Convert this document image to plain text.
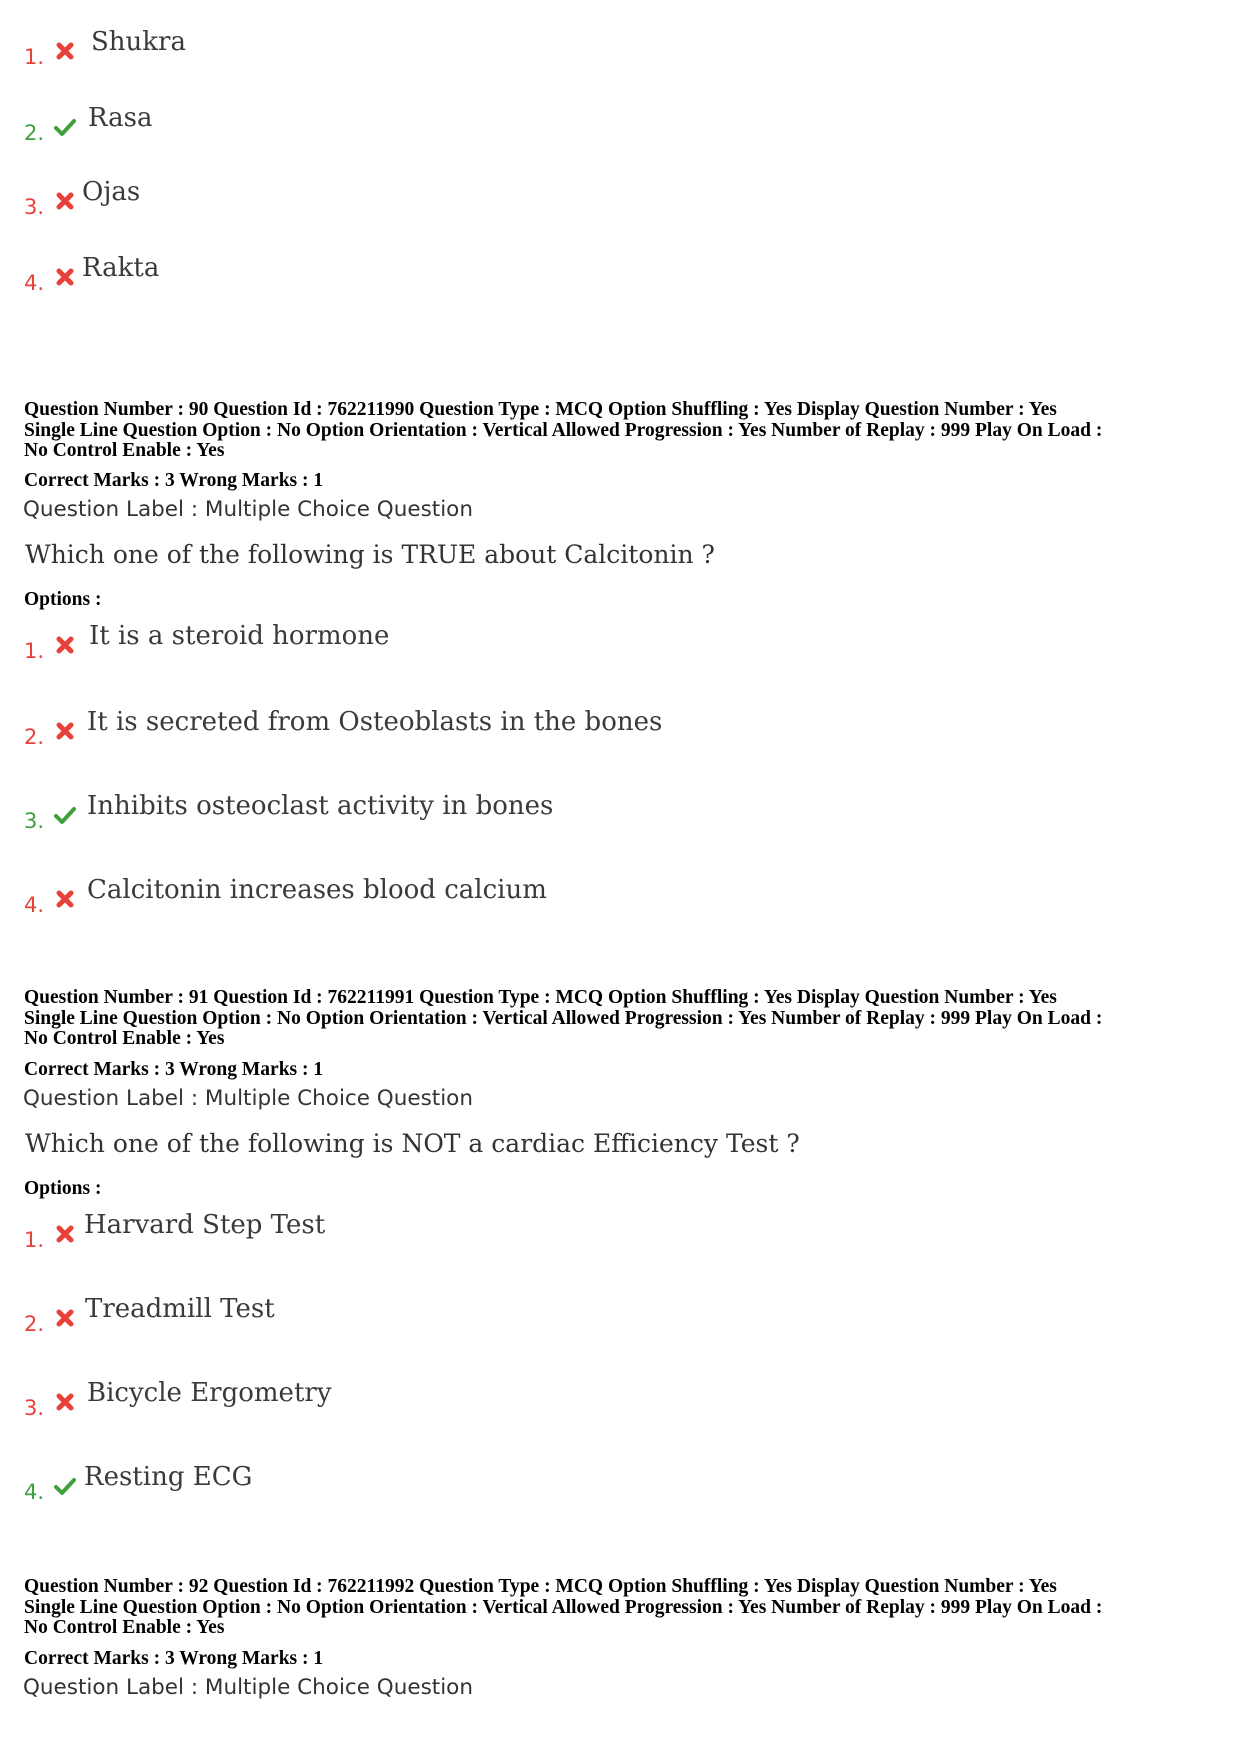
1. Shukra
2. Rasa
3. Ojas
4. Rakta
Question Number : 90 Question Id : 762211990 Question Type : MCQ Option Shuffling : Yes Display Question Number : Yes
Single Line Question Option : No Option Orientation : Vertical Allowed Progression : Yes Number of Replay : 999 Play On Load :
No Control Enable : Yes
Correct Marks : 3 Wrong Marks : 1
Question Label : Multiple Choice Question
Which one of the following is TRUE about Calcitonin ?
Options :
1. It is a steroid hormone
2. It is secreted from Osteoblasts in the bones
3. Inhibits osteoclast activity in bones
4. Calcitonin increases blood calcium
Question Number : 91 Question Id : 762211991 Question Type : MCQ Option Shuffling : Yes Display Question Number : Yes
Single Line Question Option : No Option Orientation : Vertical Allowed Progression : Yes Number of Replay : 999 Play On Load :
No Control Enable : Yes
Correct Marks : 3 Wrong Marks : 1
Question Label : Multiple Choice Question
Which one of the following is NOT a cardiac Efficiency Test ?
Options :
1. Harvard Step Test
2. Treadmill Test
3. Bicycle Ergometry
4. Resting ECG
Question Number : 92 Question Id : 762211992 Question Type : MCQ Option Shuffling : Yes Display Question Number : Yes
Single Line Question Option : No Option Orientation : Vertical Allowed Progression : Yes Number of Replay : 999 Play On Load :
No Control Enable : Yes
Correct Marks : 3 Wrong Marks : 1
Question Label : Multiple Choice Question
